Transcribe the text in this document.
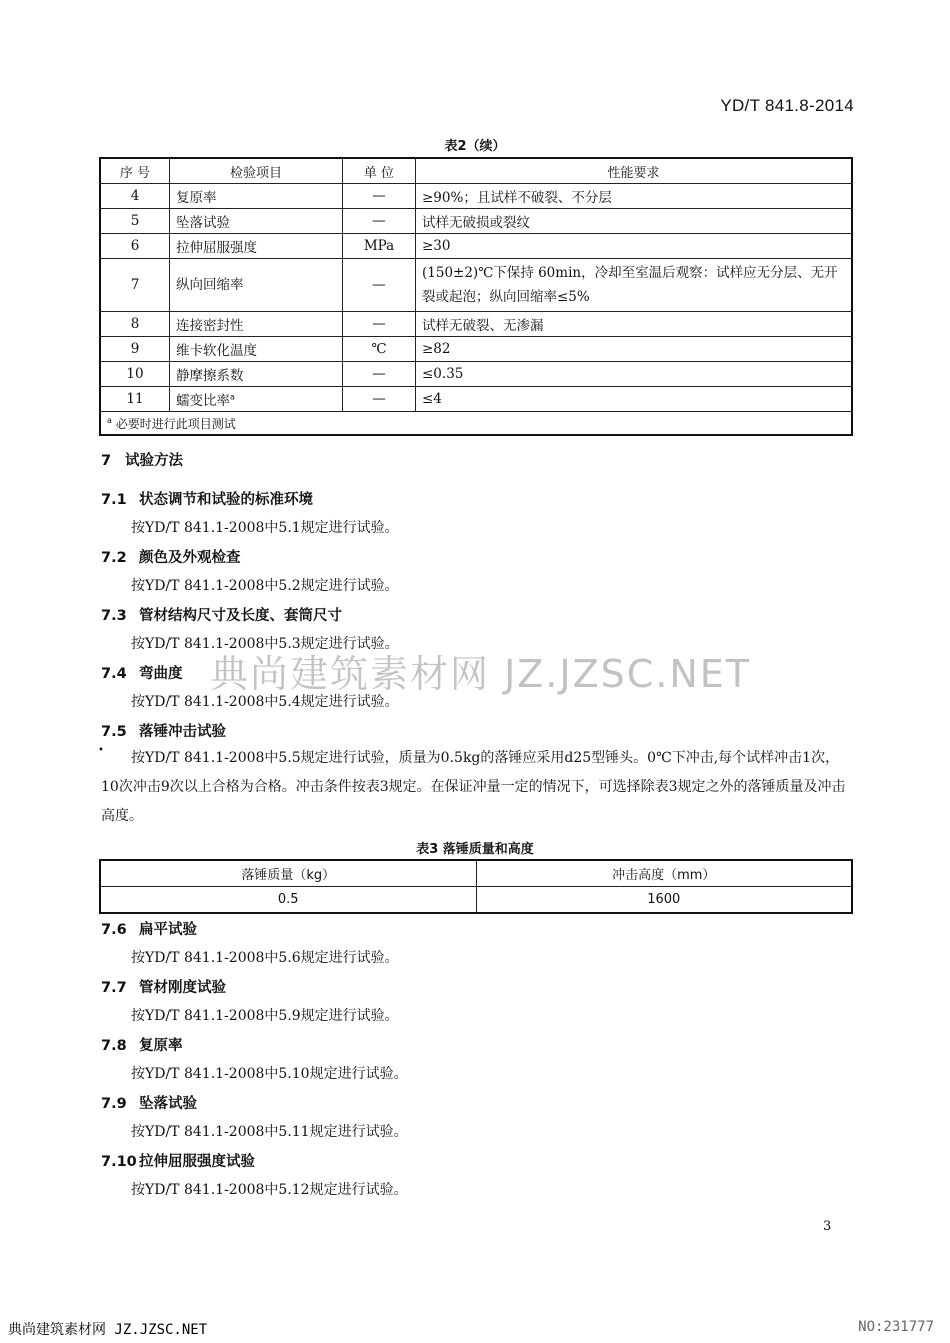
YD/T 841.8-2014
表2（续）
序 号	检验项目	单 位	性能要求
4	复原率	—	≥90%；且试样不破裂、不分层
5	坠落试验	—	试样无破损或裂纹
6	拉伸屈服强度	MPa	≥30
7	纵向回缩率	—	(150±2)℃下保持 60min，冷却至室温后观察：试样应无分层、无开裂或起泡；纵向回缩率≤5%
8	连接密封性	—	试样无破裂、无渗漏
9	维卡软化温度	℃	≥82
10	静摩擦系数	—	≤0.35
11	蠕变比率$^a$	—	≤4
$^a$ 必要时进行此项目测试			
7 试验方法
7.1 状态调节和试验的标准环境
按YD/T 841.1-2008中5.1规定进行试验。
7.2 颜色及外观检查
按YD/T 841.1-2008中5.2规定进行试验。
7.3 管材结构尺寸及长度、套筒尺寸
按YD/T 841.1-2008中5.3规定进行试验。
7.4 弯曲度
按YD/T 841.1-2008中5.4规定进行试验。
7.5 落锤冲击试验
•	按YD/T 841.1-2008中5.5规定进行试验，质量为0.5kg的落锤应采用d25型锤头。0℃下冲击,每个试样冲击1次，10次冲击9次以上合格为合格。冲击条件按表3规定。在保证冲量一定的情况下，可选择除表3规定之外的落锤质量及冲击高度。
表3 落锤质量和高度
落锤质量（kg）	冲击高度（mm）
0.5	1600
7.6 扁平试验
按YD/T 841.1-2008中5.6规定进行试验。
7.7 管材刚度试验
按YD/T 841.1-2008中5.9规定进行试验。
7.8 复原率
按YD/T 841.1-2008中5.10规定进行试验。
7.9 坠落试验
按YD/T 841.1-2008中5.11规定进行试验。
7.10 拉伸屈服强度试验
按YD/T 841.1-2008中5.12规定进行试验。
3
典尚建筑素材网 JZ.JZSC.NET
典尚建筑素材网 JZ.JZSC.NET	NO:231777
